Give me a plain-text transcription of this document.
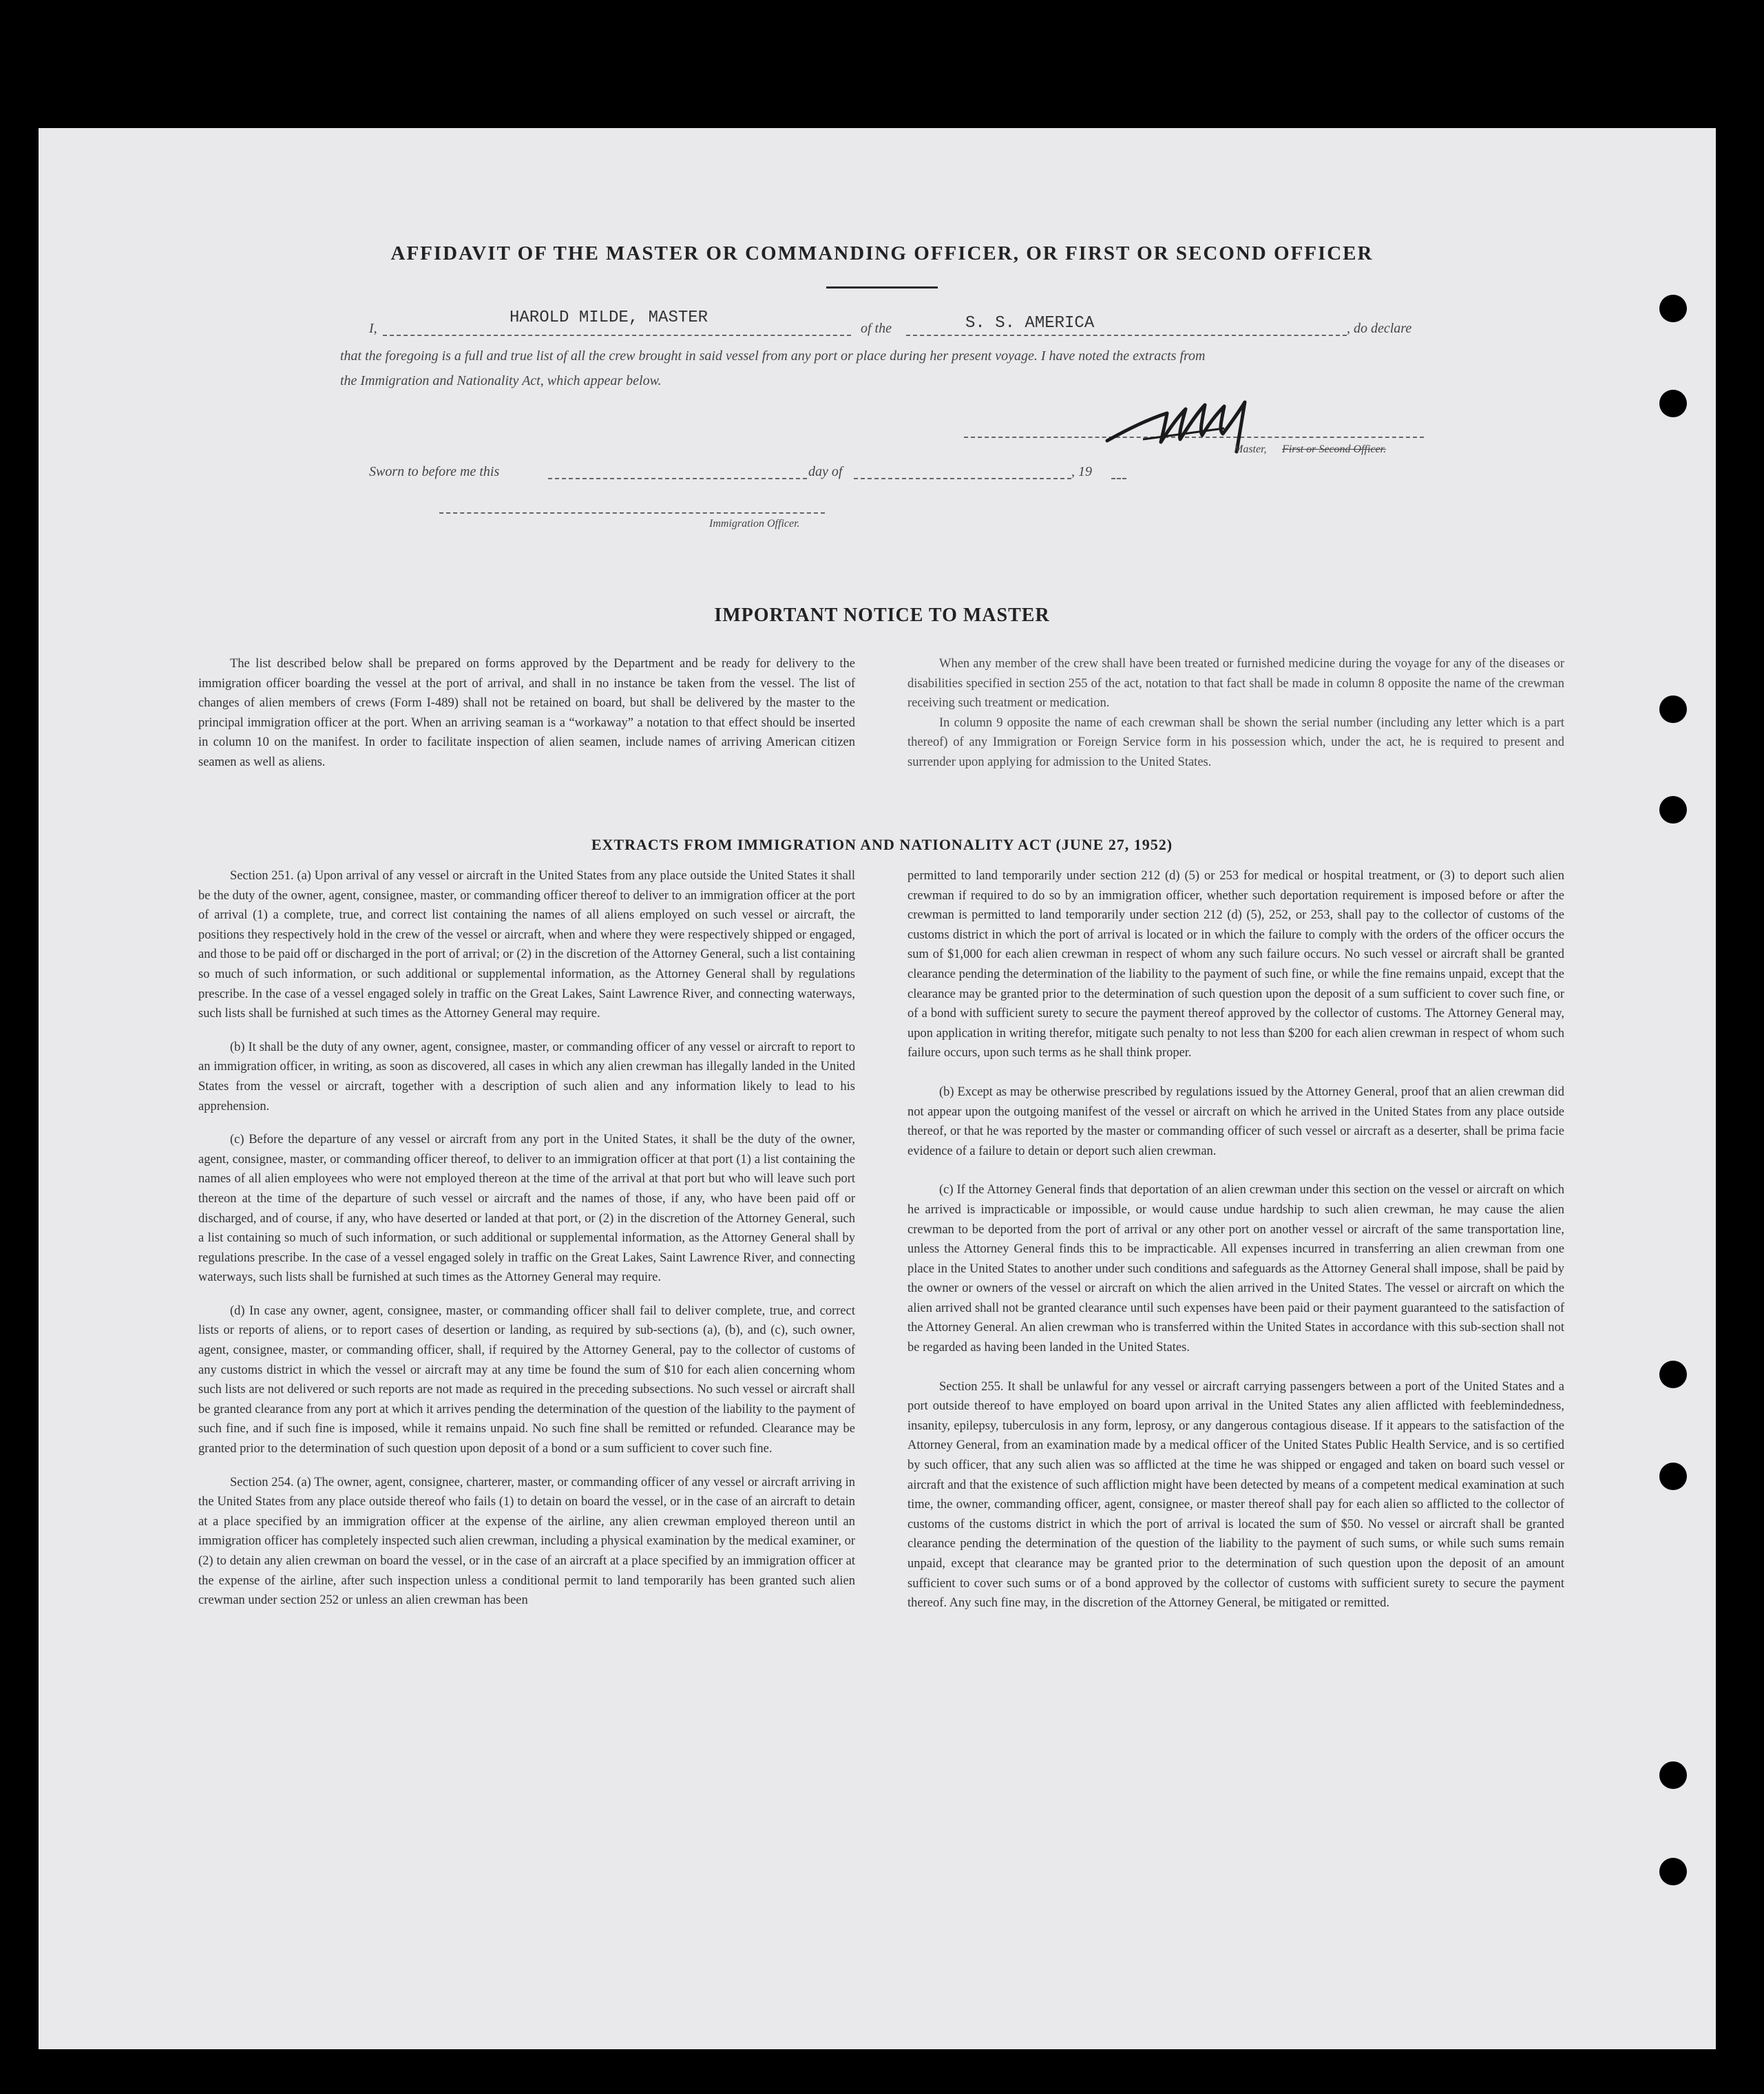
AFFIDAVIT OF THE MASTER OR COMMANDING OFFICER, OR FIRST OR SECOND OFFICER
I,
HAROLD MILDE, MASTER
of the	S. S. AMERICA	, do declare
that the foregoing is a full and true list of all the crew brought in said vessel from any port or place during her present voyage. I have noted the extracts from
the Immigration and Nationality Act, which appear below.
Master, First or Second Officer.
Sworn to before me this	day of	, 19
Immigration Officer.
IMPORTANT NOTICE TO MASTER

The list described below shall be prepared on forms approved by the Department and be ready for delivery to the immigration officer boarding the vessel at the port of arrival, and shall in no instance be taken from the vessel. The list of changes of alien members of crews (Form I-489) shall not be retained on board, but shall be delivered by the master to the principal immigration officer at the port. When an arriving seaman is a “workaway” a notation to that effect should be inserted in column 10 on the manifest. In order to facilitate inspection of alien seamen, include names of arriving American citizen seamen as well as aliens.

When any member of the crew shall have been treated or furnished medicine during the voyage for any of the diseases or disabilities specified in section 255 of the act, notation to that fact shall be made in column 8 opposite the name of the crewman receiving such treatment or medication.

In column 9 opposite the name of each crewman shall be shown the serial number (including any letter which is a part thereof) of any Immigration or Foreign Service form in his possession which, under the act, he is required to present and surrender upon applying for admission to the United States.

EXTRACTS FROM IMMIGRATION AND NATIONALITY ACT (JUNE 27, 1952)

Section 251. (a) Upon arrival of any vessel or aircraft in the United States from any place outside the United States it shall be the duty of the owner, agent, consignee, master, or commanding officer thereof to deliver to an immigration officer at the port of arrival (1) a complete, true, and correct list containing the names of all aliens employed on such vessel or aircraft, the positions they respectively hold in the crew of the vessel or aircraft, when and where they were respectively shipped or engaged, and those to be paid off or discharged in the port of arrival; or (2) in the discretion of the Attorney General, such a list containing so much of such information, or such additional or supplemental information, as the Attorney General shall by regulations prescribe. In the case of a vessel engaged solely in traffic on the Great Lakes, Saint Lawrence River, and connecting waterways, such lists shall be furnished at such times as the Attorney General may require.

(b) It shall be the duty of any owner, agent, consignee, master, or commanding officer of any vessel or aircraft to report to an immigration officer, in writing, as soon as discovered, all cases in which any alien crewman has illegally landed in the United States from the vessel or aircraft, together with a description of such alien and any information likely to lead to his apprehension.

(c) Before the departure of any vessel or aircraft from any port in the United States, it shall be the duty of the owner, agent, consignee, master, or commanding officer thereof, to deliver to an immigration officer at that port (1) a list containing the names of all alien employees who were not employed thereon at the time of the arrival at that port but who will leave such port thereon at the time of the departure of such vessel or aircraft and the names of those, if any, who have been paid off or discharged, and of course, if any, who have deserted or landed at that port, or (2) in the discretion of the Attorney General, such a list containing so much of such information, or such additional or supplemental information, as the Attorney General shall by regulations prescribe. In the case of a vessel engaged solely in traffic on the Great Lakes, Saint Lawrence River, and connecting waterways, such lists shall be furnished at such times as the Attorney General may require.

(d) In case any owner, agent, consignee, master, or commanding officer shall fail to deliver complete, true, and correct lists or reports of aliens, or to report cases of desertion or landing, as required by sub-sections (a), (b), and (c), such owner, agent, consignee, master, or commanding officer, shall, if required by the Attorney General, pay to the collector of customs of any customs district in which the vessel or aircraft may at any time be found the sum of $10 for each alien concerning whom such lists are not delivered or such reports are not made as required in the preceding subsections. No such vessel or aircraft shall be granted clearance from any port at which it arrives pending the determination of the question of the liability to the payment of such fine, and if such fine is imposed, while it remains unpaid. No such fine shall be remitted or refunded. Clearance may be granted prior to the determination of such question upon deposit of a bond or a sum sufficient to cover such fine.

Section 254. (a) The owner, agent, consignee, charterer, master, or commanding officer of any vessel or aircraft arriving in the United States from any place outside thereof who fails (1) to detain on board the vessel, or in the case of an aircraft to detain at a place specified by an immigration officer at the expense of the airline, any alien crewman employed thereon until an immigration officer has completely inspected such alien crewman, including a physical examination by the medical examiner, or (2) to detain any alien crewman on board the vessel, or in the case of an aircraft at a place specified by an immigration officer at the expense of the airline, after such inspection unless a conditional permit to land temporarily has been granted such alien crewman under section 252 or unless an alien crewman has been

permitted to land temporarily under section 212 (d) (5) or 253 for medical or hospital treatment, or (3) to deport such alien crewman if required to do so by an immigration officer, whether such deportation requirement is imposed before or after the crewman is permitted to land temporarily under section 212 (d) (5), 252, or 253, shall pay to the collector of customs of the customs district in which the port of arrival is located or in which the failure to comply with the orders of the officer occurs the sum of $1,000 for each alien crewman in respect of whom any such failure occurs. No such vessel or aircraft shall be granted clearance pending the determination of the liability to the payment of such fine, or while the fine remains unpaid, except that the clearance may be granted prior to the determination of such question upon the deposit of a sum sufficient to cover such fine, or of a bond with sufficient surety to secure the payment thereof approved by the collector of customs. The Attorney General may, upon application in writing therefor, mitigate such penalty to not less than $200 for each alien crewman in respect of whom such failure occurs, upon such terms as he shall think proper.

(b) Except as may be otherwise prescribed by regulations issued by the Attorney General, proof that an alien crewman did not appear upon the outgoing manifest of the vessel or aircraft on which he arrived in the United States from any place outside thereof, or that he was reported by the master or commanding officer of such vessel or aircraft as a deserter, shall be prima facie evidence of a failure to detain or deport such alien crewman.

(c) If the Attorney General finds that deportation of an alien crewman under this section on the vessel or aircraft on which he arrived is impracticable or impossible, or would cause undue hardship to such alien crewman, he may cause the alien crewman to be deported from the port of arrival or any other port on another vessel or aircraft of the same transportation line, unless the Attorney General finds this to be impracticable. All expenses incurred in transferring an alien crewman from one place in the United States to another under such conditions and safeguards as the Attorney General shall impose, shall be paid by the owner or owners of the vessel or aircraft on which the alien arrived in the United States. The vessel or aircraft on which the alien arrived shall not be granted clearance until such expenses have been paid or their payment guaranteed to the satisfaction of the Attorney General. An alien crewman who is transferred within the United States in accordance with this sub-section shall not be regarded as having been landed in the United States.

Section 255. It shall be unlawful for any vessel or aircraft carrying passengers between a port of the United States and a port outside thereof to have employed on board upon arrival in the United States any alien afflicted with feeblemindedness, insanity, epilepsy, tuberculosis in any form, leprosy, or any dangerous contagious disease. If it appears to the satisfaction of the Attorney General, from an examination made by a medical officer of the United States Public Health Service, and is so certified by such officer, that any such alien was so afflicted at the time he was shipped or engaged and taken on board such vessel or aircraft and that the existence of such affliction might have been detected by means of a competent medical examination at such time, the owner, commanding officer, agent, consignee, or master thereof shall pay for each alien so afflicted to the collector of customs of the customs district in which the port of arrival is located the sum of $50. No vessel or aircraft shall be granted clearance pending the determination of the question of the liability to the payment of such sums, or while such sums remain unpaid, except that clearance may be granted prior to the determination of such question upon the deposit of an amount sufficient to cover such sums or of a bond approved by the collector of customs with sufficient surety to secure the payment thereof. Any such fine may, in the discretion of the Attorney General, be mitigated or remitted.
